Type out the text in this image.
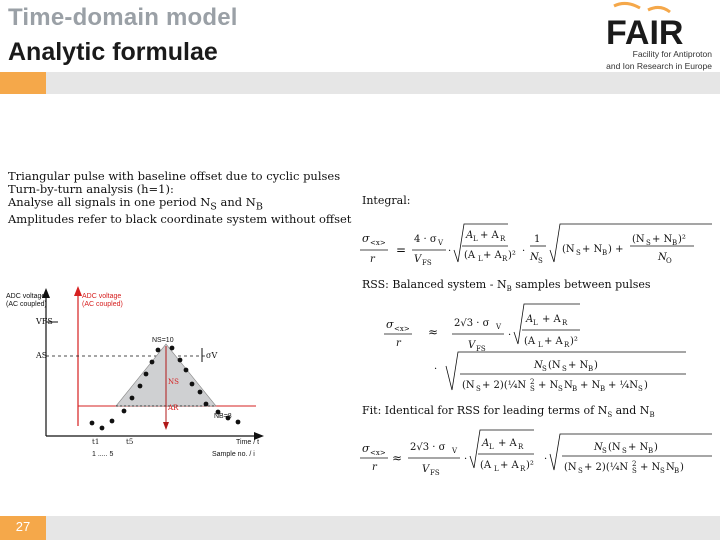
Time-domain model
Analytic formulae	FAIR
Facility for Antiproton
and Ion Research in Europe
Triangular pulse with baseline offset due to cyclic pulses
Turn-by-turn analysis (h=1):
Analyse all signals in one period $N_S$ and $N_B$
Amplitudes refer to black coordinate system without offset
ADC voltage
(AC coupled)
ADC voltage
(AC coupled)
VFS
AS
NS=10
σV
NS
AR
NB=8
t1	t5
1 ..... 5
Time / t
Sample no. / i
Integral:
σ <x>
r
=
4 · σ V
V FS
·
A L + A R
(A L + A R )² ·
1
N S
(N S + N B ) +
(N S + N B )²
N O
RSS: Balanced system - $N_B$ samples between pulses
σ <x>
r
≈
2√3 · σ V
V FS
·
A L + A R
(A L + A R )²
·	N S (N S + N B )
(N S + 2)(¼N 2
S + N S N B + N B + ¼N S )
Fit: Identical for RSS for leading terms of $N_S$ and $N_B$
σ <x>
r
≈
2√3 · σ V
V FS
·
A L + A R
(A L + A R )²
·
N S (N S + N B )
(N S + 2)(¼N 2
S + N S N B )
27
